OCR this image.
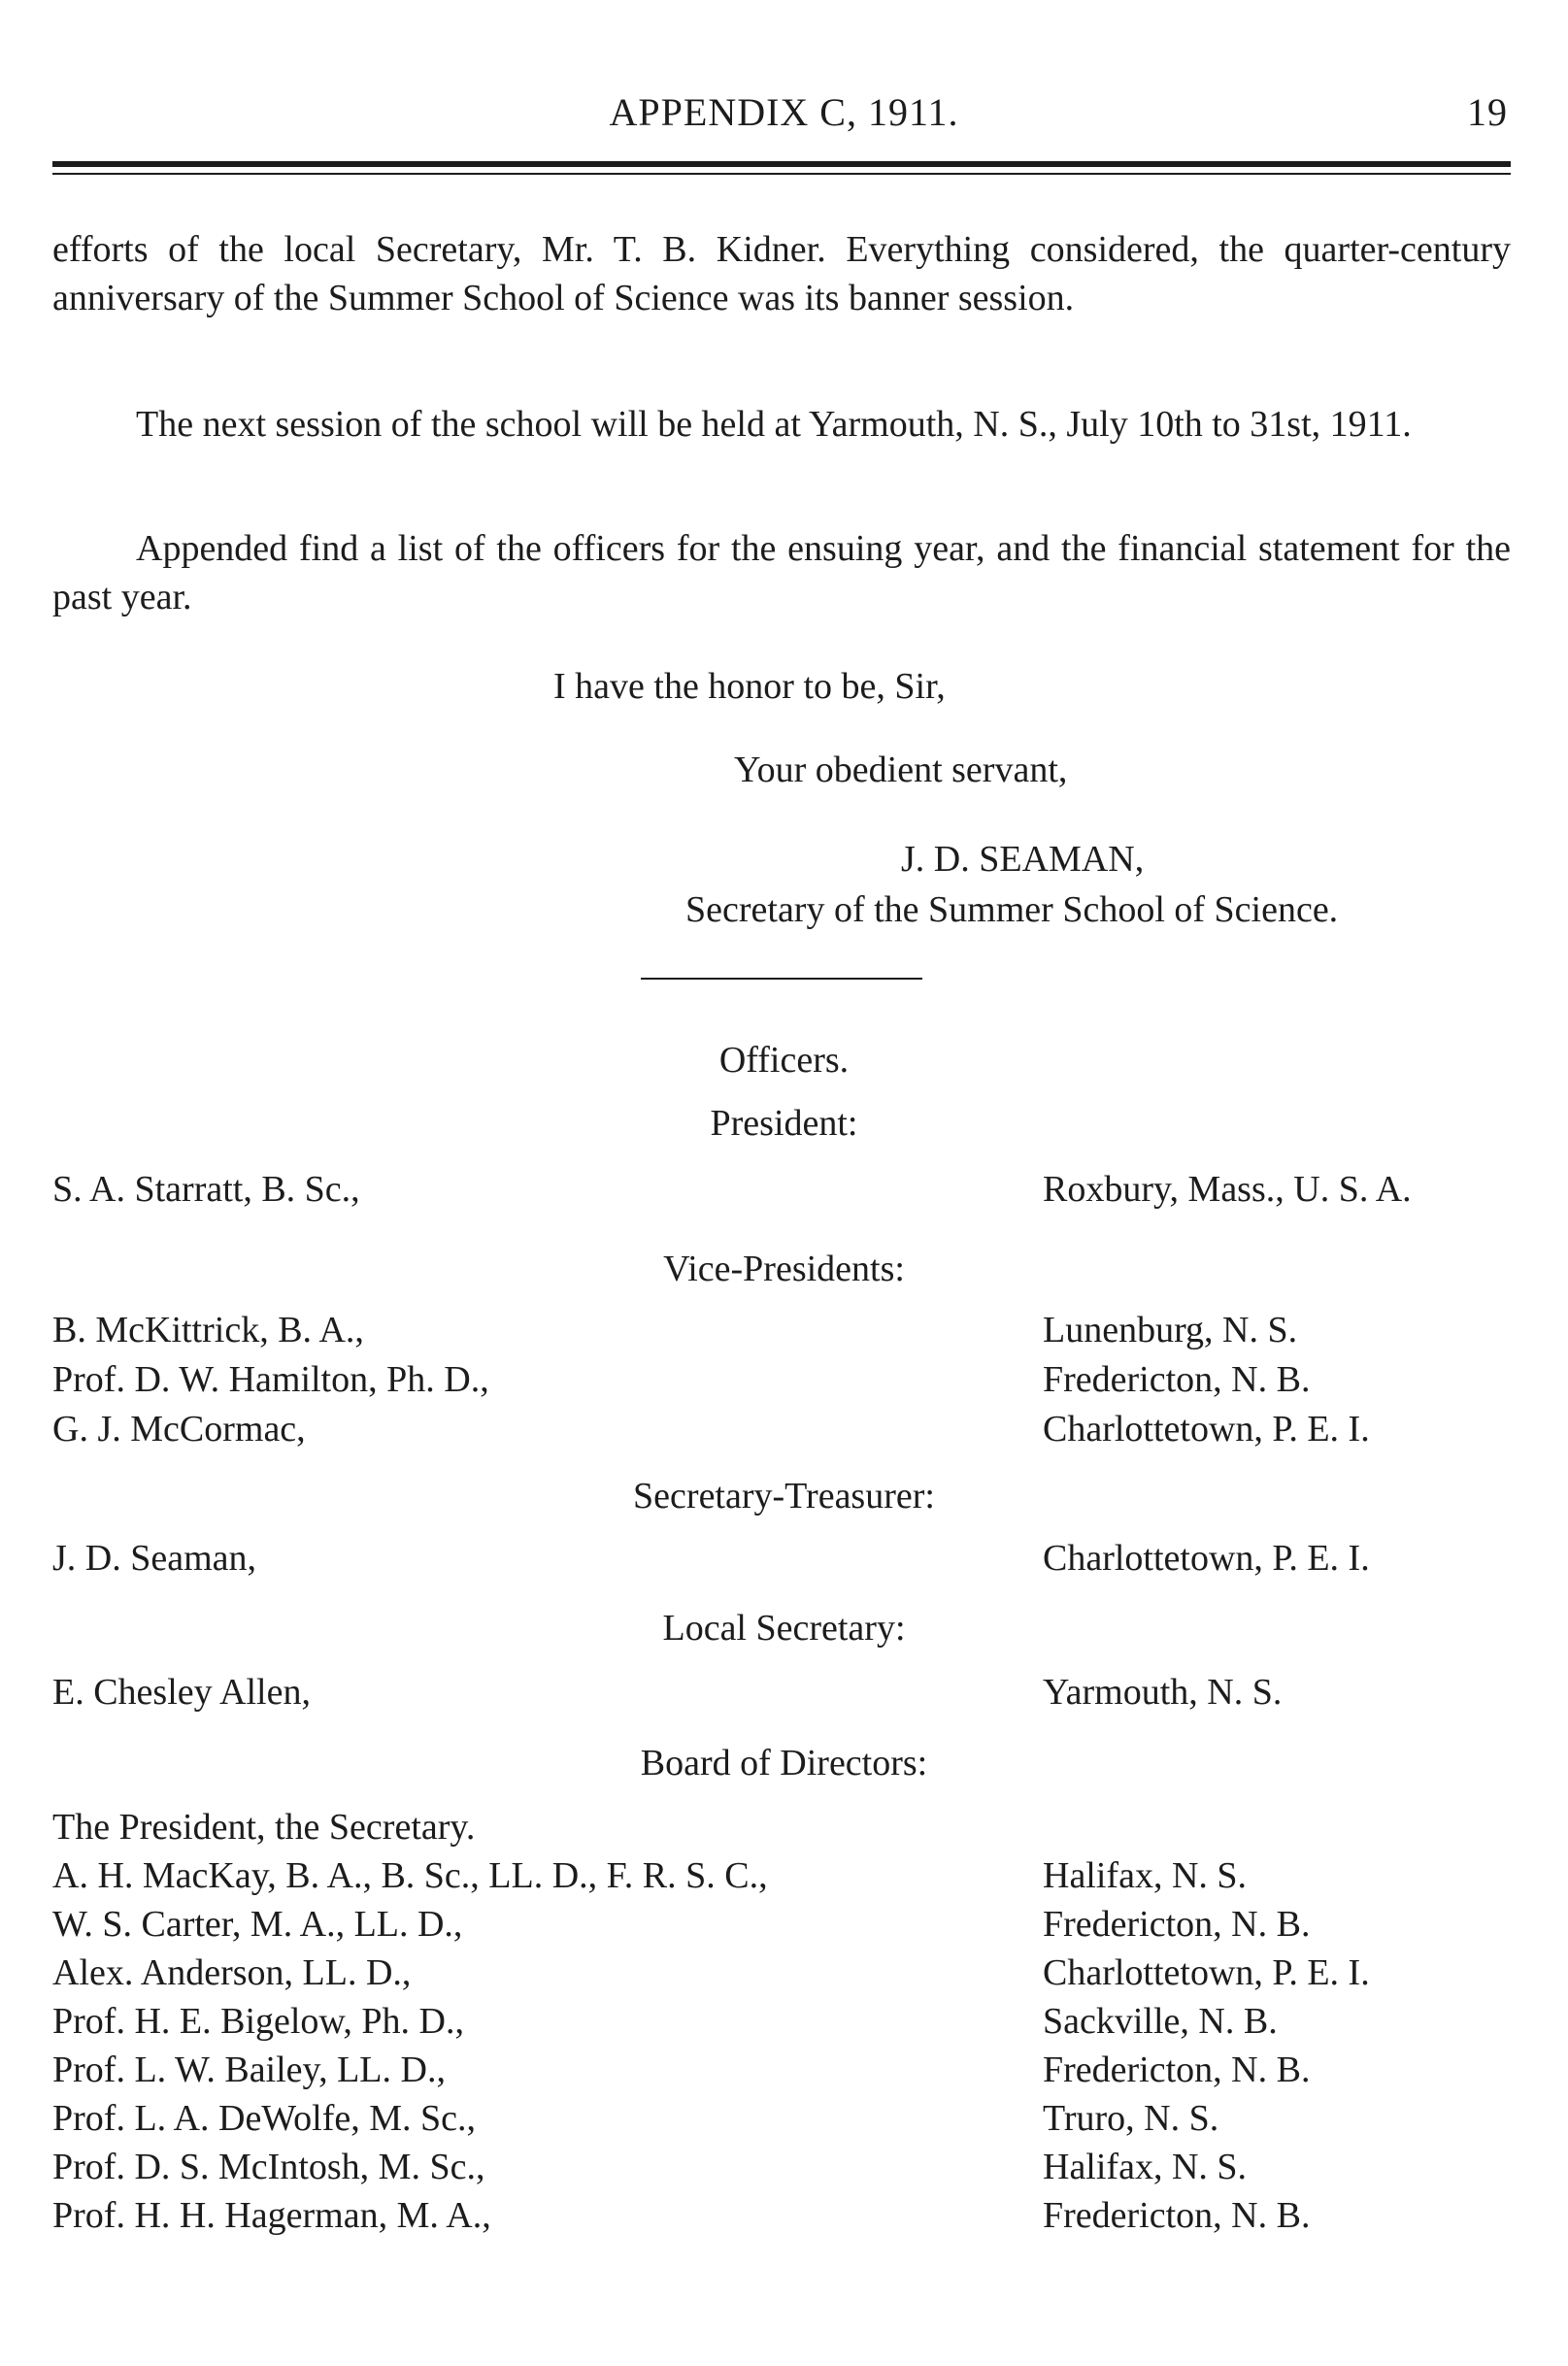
APPENDIX C, 1911.	19
efforts of the local Secretary, Mr. T. B. Kidner. Everything considered, the quarter-century anniversary of the Summer School of Science was its banner session.
The next session of the school will be held at Yarmouth, N. S., July 10th to 31st, 1911.
Appended find a list of the officers for the ensuing year, and the financial statement for the past year.
I have the honor to be, Sir,
Your obedient servant,
J. D. SEAMAN,
Secretary of the Summer School of Science.
Officers.
President:
S. A. Starratt, B. Sc.,	Roxbury, Mass., U. S. A.
Vice-Presidents:
B. McKittrick, B. A.,	Lunenburg, N. S.
Prof. D. W. Hamilton, Ph. D.,	Fredericton, N. B.
G. J. McCormac,	Charlottetown, P. E. I.
Secretary-Treasurer:
J. D. Seaman,	Charlottetown, P. E. I.
Local Secretary:
E. Chesley Allen,	Yarmouth, N. S.
Board of Directors:
The President, the Secretary.
A. H. MacKay, B. A., B. Sc., LL. D., F. R. S. C.,	Halifax, N. S.
W. S. Carter, M. A., LL. D.,	Fredericton, N. B.
Alex. Anderson, LL. D.,	Charlottetown, P. E. I.
Prof. H. E. Bigelow, Ph. D.,	Sackville, N. B.
Prof. L. W. Bailey, LL. D.,	Fredericton, N. B.
Prof. L. A. DeWolfe, M. Sc.,	Truro, N. S.
Prof. D. S. McIntosh, M. Sc.,	Halifax, N. S.
Prof. H. H. Hagerman, M. A.,	Fredericton, N. B.
